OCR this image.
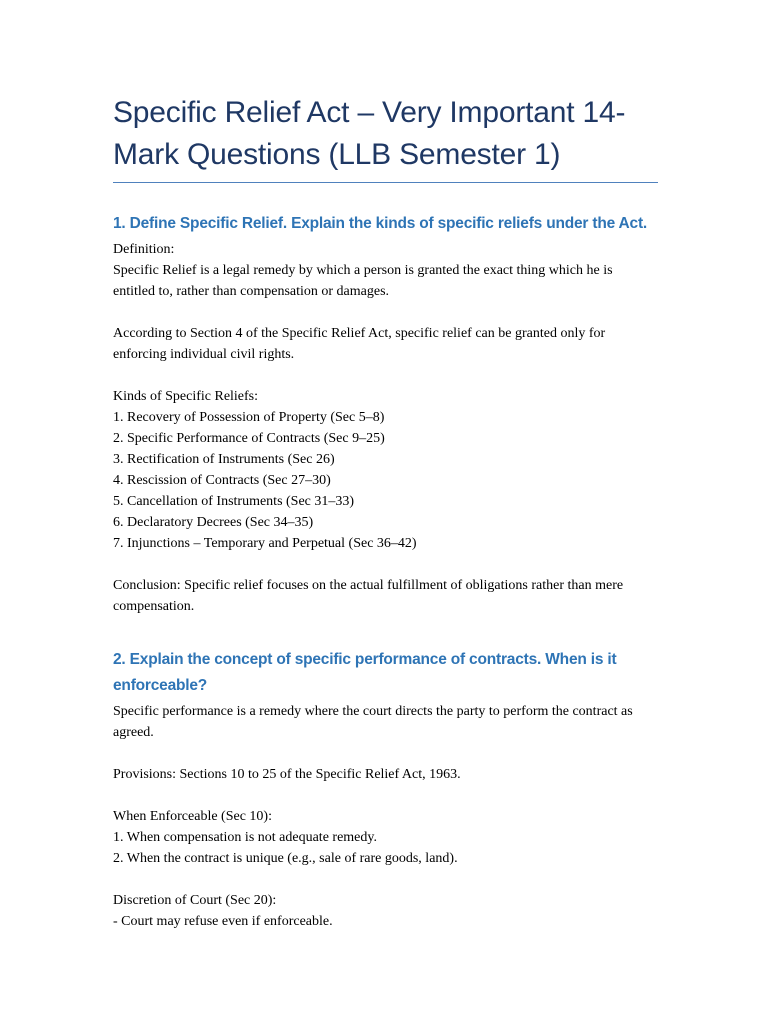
Specific Relief Act – Very Important 14-Mark Questions (LLB Semester 1)
1. Define Specific Relief. Explain the kinds of specific reliefs under the Act.

Definition:

Specific Relief is a legal remedy by which a person is granted the exact thing which he is entitled to, rather than compensation or damages.

According to Section 4 of the Specific Relief Act, specific relief can be granted only for enforcing individual civil rights.

Kinds of Specific Reliefs:

1. Recovery of Possession of Property (Sec 5–8)
2. Specific Performance of Contracts (Sec 9–25)
3. Rectification of Instruments (Sec 26)
4. Rescission of Contracts (Sec 27–30)
5. Cancellation of Instruments (Sec 31–33)
6. Declaratory Decrees (Sec 34–35)
7. Injunctions – Temporary and Perpetual (Sec 36–42)

Conclusion: Specific relief focuses on the actual fulfillment of obligations rather than mere compensation.

2. Explain the concept of specific performance of contracts. When is it enforceable?

Specific performance is a remedy where the court directs the party to perform the contract as agreed.

Provisions: Sections 10 to 25 of the Specific Relief Act, 1963.

When Enforceable (Sec 10):

1. When compensation is not adequate remedy.
2. When the contract is unique (e.g., sale of rare goods, land).

Discretion of Court (Sec 20):

- Court may refuse even if enforceable.
